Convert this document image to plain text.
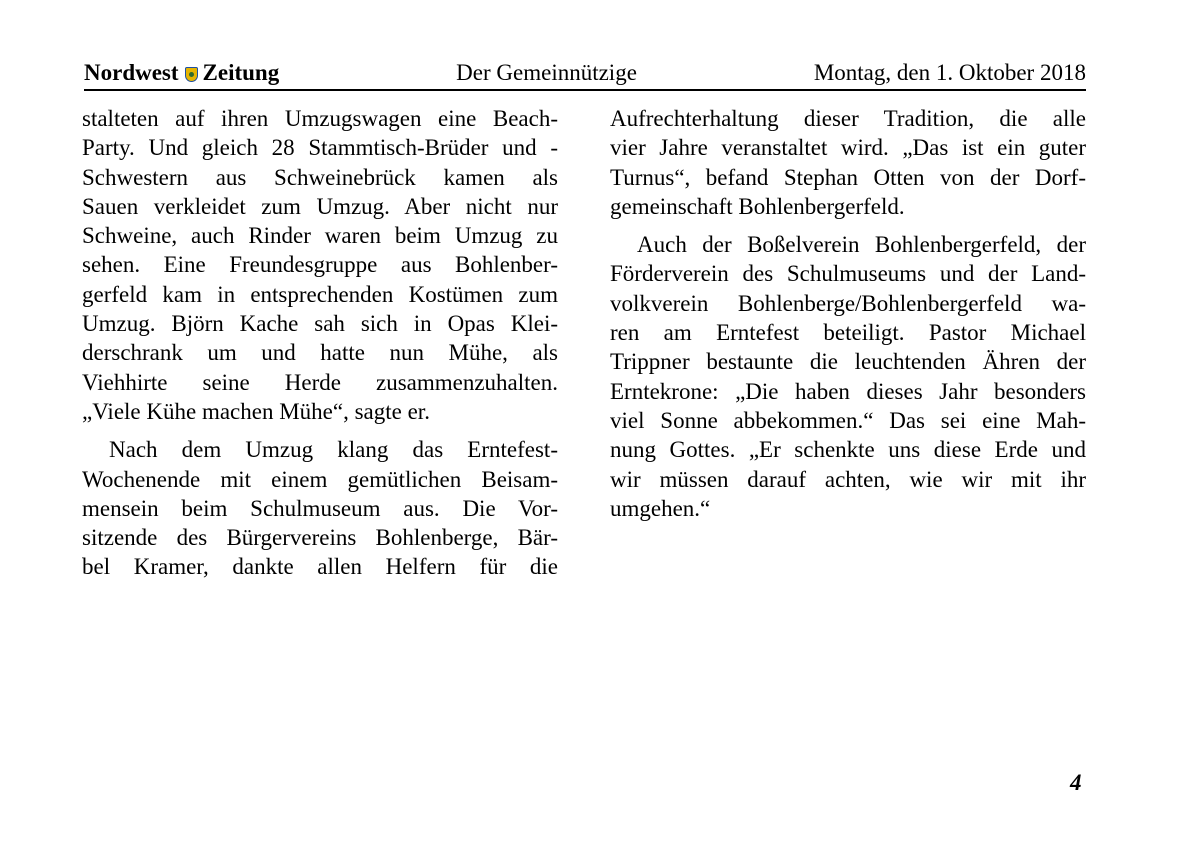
Nordwest Zeitung	Der Gemeinnützige	Montag, den 1. Oktober 2018
stalteten auf ihren Umzugswagen eine Beach-
Party. Und gleich 28 Stammtisch-Brüder und -
Schwestern aus Schweinebrück kamen als
Sauen verkleidet zum Umzug. Aber nicht nur
Schweine, auch Rinder waren beim Umzug zu
sehen. Eine Freundesgruppe aus Bohlenber-
gerfeld kam in entsprechenden Kostümen zum
Umzug. Björn Kache sah sich in Opas Klei-
derschrank um und hatte nun Mühe, als
Viehhirte seine Herde zusammenzuhalten.
„Viele Kühe machen Mühe“, sagte er.
Nach dem Umzug klang das Erntefest-
Wochenende mit einem gemütlichen Beisam-
mensein beim Schulmuseum aus. Die Vor-
sitzende des Bürgervereins Bohlenberge, Bär-
bel Kramer, dankte allen Helfern für die
Aufrechterhaltung dieser Tradition, die alle
vier Jahre veranstaltet wird. „Das ist ein guter
Turnus“, befand Stephan Otten von der Dorf-
gemeinschaft Bohlenbergerfeld.
Auch der Boßelverein Bohlenbergerfeld, der
Förderverein des Schulmuseums und der Land-
volkverein Bohlenberge/Bohlenbergerfeld wa-
ren am Erntefest beteiligt. Pastor Michael
Trippner bestaunte die leuchtenden Ähren der
Erntekrone: „Die haben dieses Jahr besonders
viel Sonne abbekommen.“ Das sei eine Mah-
nung Gottes. „Er schenkte uns diese Erde und
wir müssen darauf achten, wie wir mit ihr
umgehen.“
4
